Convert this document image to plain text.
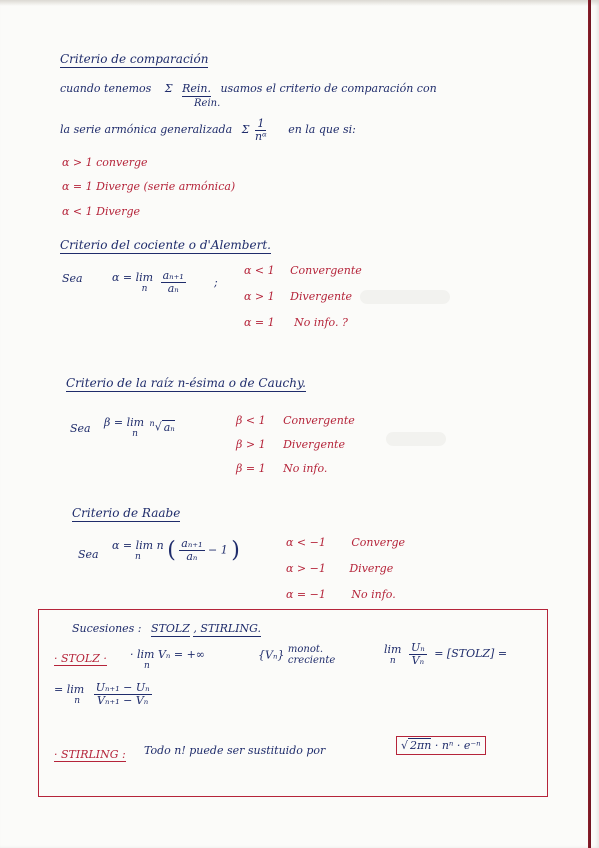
Criterio de comparación
cuando tenemos Σ Rein. usamos el criterio de comparación con
Rein.
la serie armónica generalizada Σ $\frac{1}{\text{nᵅ}}$ en la que si:
α > 1 converge
α = 1 Diverge (serie armónica)
α < 1 Diverge
Criterio del cociente o d'Alembert.
Sea	α = lim
n
	$\frac{\text{aₙ₊₁}}{\text{aₙ}}$	;
α < 1 Convergente
α > 1 Divergente
α = 1 No info. ?
Criterio de la raíz n-ésima o de Cauchy.
Sea β = lim
n
$^n$√ aₙ	β < 1 Convergente
β > 1 Divergente
β = 1 No info.
Criterio de Raabe
Sea
α = lim n
n	( $\frac{\text{aₙ₊₁}}{\text{aₙ}} - 1$ )	α < −1 Converge
α > −1 Diverge
α = −1 No info.
Sucesiones : STOLZ , STIRLING.
· STOLZ · · lim Vₙ = +∞
n
{Vₙ} monot.
creciente
lim
n
	$\frac{\text{Uₙ}}{\text{Vₙ}}$ = [STOLZ] =
= lim
n
	$\frac{\text{Uₙ₊₁ − Uₙ}}{\text{Vₙ₊₁ − Vₙ}}$
· STIRLING : Todo n! puede ser sustituido por	√ 2πn · nⁿ · e⁻ⁿ
